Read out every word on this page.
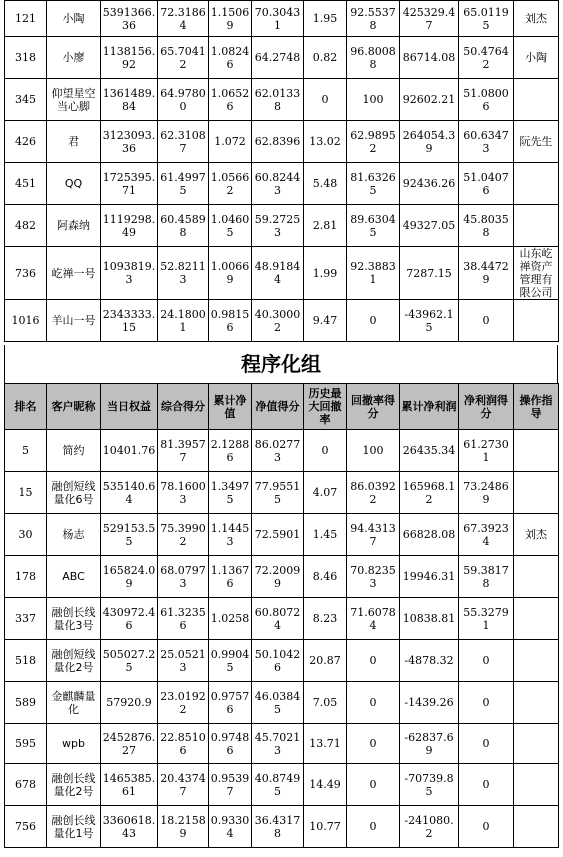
121	小陶	5391366.36	72.31864	1.15069	70.30431	1.95	92.55378	425329.47	65.01195	刘杰
318	小廖	1138156.92	65.70412	1.08246	64.2748	0.82	96.80088	86714.08	50.47642	小陶
345	仰望星空当心脚	1361489.84	64.97800	1.06526	62.01338	0	100	92602.21	51.08006	
426	君	3123093.36	62.31087	1.072	62.8396	13.02	62.98952	264054.39	60.63473	阮先生
451	QQ	1725395.71	61.49975	1.05662	60.82443	5.48	81.63265	92436.26	51.04076	
482	阿森纳	1119298.49	60.45898	1.04605	59.27253	2.81	89.63045	49327.05	45.80358	
736	屹禅一号	1093819.3	52.82113	1.00669	48.91844	1.99	92.38831	7287.15	38.44729	山东屹禅资产管理有限公司
1016	羊山一号	2343333.15	24.18001	0.98156	40.30002	9.47	0	-43962.15	0	
程序化组
排名	客户昵称	当日权益	综合得分	累计净值	净值得分	历史最大回撤率	回撤率得分	累计净利润	净利润得分	操作指导
5	简约	10401.76	81.39577	2.12886	86.02773	0	100	26435.34	61.27301	
15	融创短线量化6号	535140.64	78.16003	1.34975	77.95515	4.07	86.03922	165968.12	73.24869	
30	杨志	529153.55	75.39902	1.14453	72.5901	1.45	94.43137	66828.08	67.39234	刘杰
178	ABC	165824.09	68.07973	1.13676	72.20099	8.46	70.82353	19946.31	59.38178	
337	融创长线量化3号	430972.46	61.32356	1.0258	60.80724	8.23	71.60784	10838.81	55.32791	
518	融创短线量化2号	505027.25	25.05213	0.99045	50.10426	20.87	0	-4878.32	0	
589	金麒麟量化	57920.9	23.01922	0.97576	46.03845	7.05	0	-1439.26	0	
595	wpb	2452876.27	22.85106	0.97486	45.70213	13.71	0	-62837.69	0	
678	融创长线量化2号	1465385.61	20.43747	0.95397	40.87495	14.49	0	-70739.85	0	
756	融创长线量化1号	3360618.43	18.21589	0.93304	36.43178	10.77	0	-241080.2	0	
